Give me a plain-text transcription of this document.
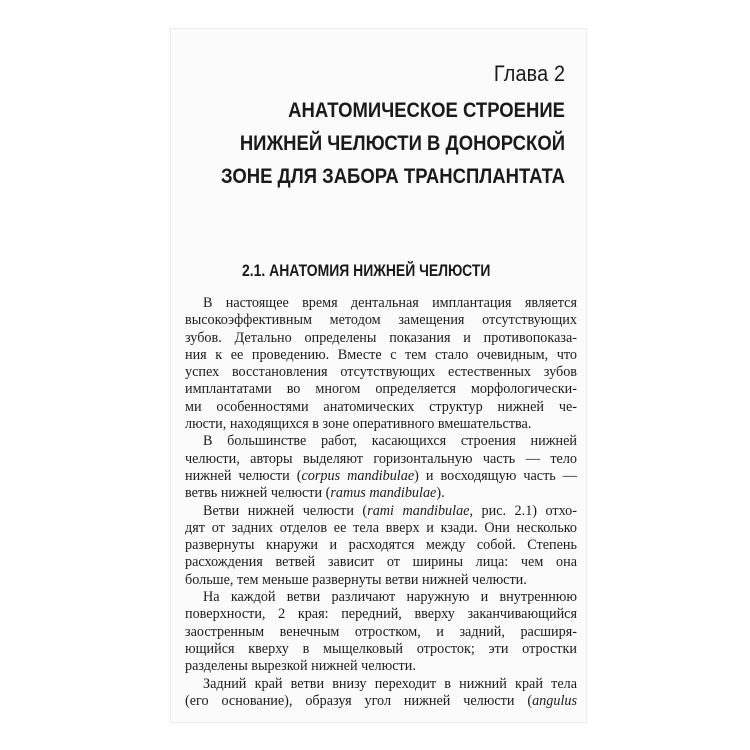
Глава 2
АНАТОМИЧЕСКОЕ СТРОЕНИЕ
НИЖНЕЙ ЧЕЛЮСТИ В ДОНОРСКОЙ
ЗОНЕ ДЛЯ ЗАБОРА ТРАНСПЛАНТАТА
2.1. АНАТОМИЯ НИЖНЕЙ ЧЕЛЮСТИ
В настоящее время дентальная имплантация является
высокоэффективным методом замещения отсутствующих
зубов. Детально определены показания и противопоказа-
ния к ее проведению. Вместе с тем стало очевидным, что
успех восстановления отсутствующих естественных зубов
имплантатами во многом определяется морфологически-
ми особенностями анатомических структур нижней че-
люсти, находящихся в зоне оперативного вмешательства.
В большинстве работ, касающихся строения нижней
челюсти, авторы выделяют горизонтальную часть — тело
нижней челюсти (corpus mandibulae) и восходящую часть —
ветвь нижней челюсти (ramus mandibulae).
Ветви нижней челюсти (rami mandibulae, рис. 2.1) отхо-
дят от задних отделов ее тела вверх и кзади. Они несколько
развернуты кнаружи и расходятся между собой. Степень
расхождения ветвей зависит от ширины лица: чем она
больше, тем меньше развернуты ветви нижней челюсти.
На каждой ветви различают наружную и внутреннюю
поверхности, 2 края: передний, вверху заканчивающийся
заостренным венечным отростком, и задний, расширя-
ющийся кверху в мыщелковый отросток; эти отростки
разделены вырезкой нижней челюсти.
Задний край ветви внизу переходит в нижний край тела
(его основание), образуя угол нижней челюсти (angulus
